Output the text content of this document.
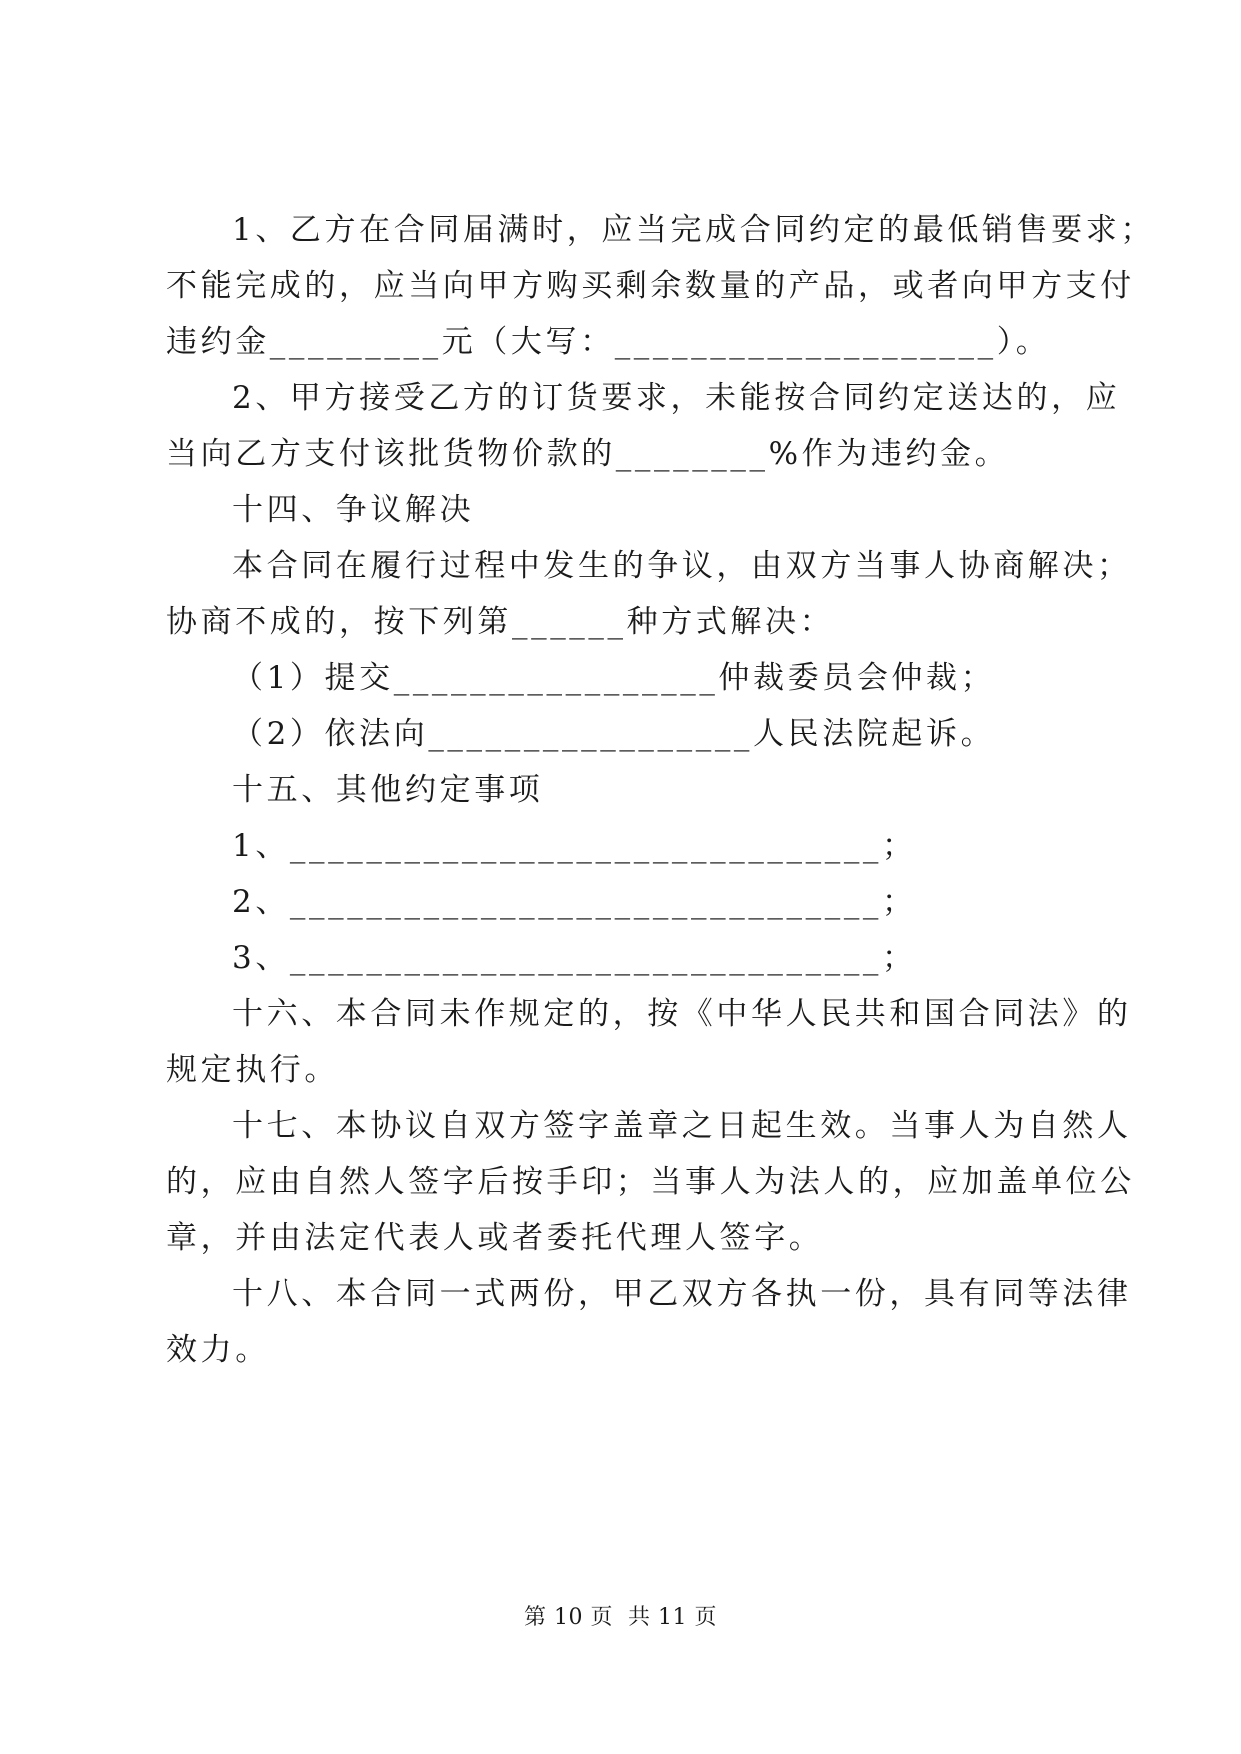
1、乙方在合同届满时，应当完成合同约定的最低销售要求；
不能完成的，应当向甲方购买剩余数量的产品，或者向甲方支付
违约金_________元（大写：____________________）。
2、甲方接受乙方的订货要求，未能按合同约定送达的，应
当向乙方支付该批货物价款的________%作为违约金。
十四、争议解决
本合同在履行过程中发生的争议，由双方当事人协商解决；
协商不成的，按下列第______种方式解决：
（1）提交_________________仲裁委员会仲裁；
（2）依法向_________________人民法院起诉。
十五、其他约定事项
1、_______________________________；
2、_______________________________；
3、_______________________________；
十六、本合同未作规定的，按《中华人民共和国合同法》的
规定执行。
十七、本协议自双方签字盖章之日起生效。当事人为自然人
的，应由自然人签字后按手印；当事人为法人的，应加盖单位公
章，并由法定代表人或者委托代理人签字。
十八、本合同一式两份，甲乙双方各执一份，具有同等法律
效力。
第 10 页  共 11 页
